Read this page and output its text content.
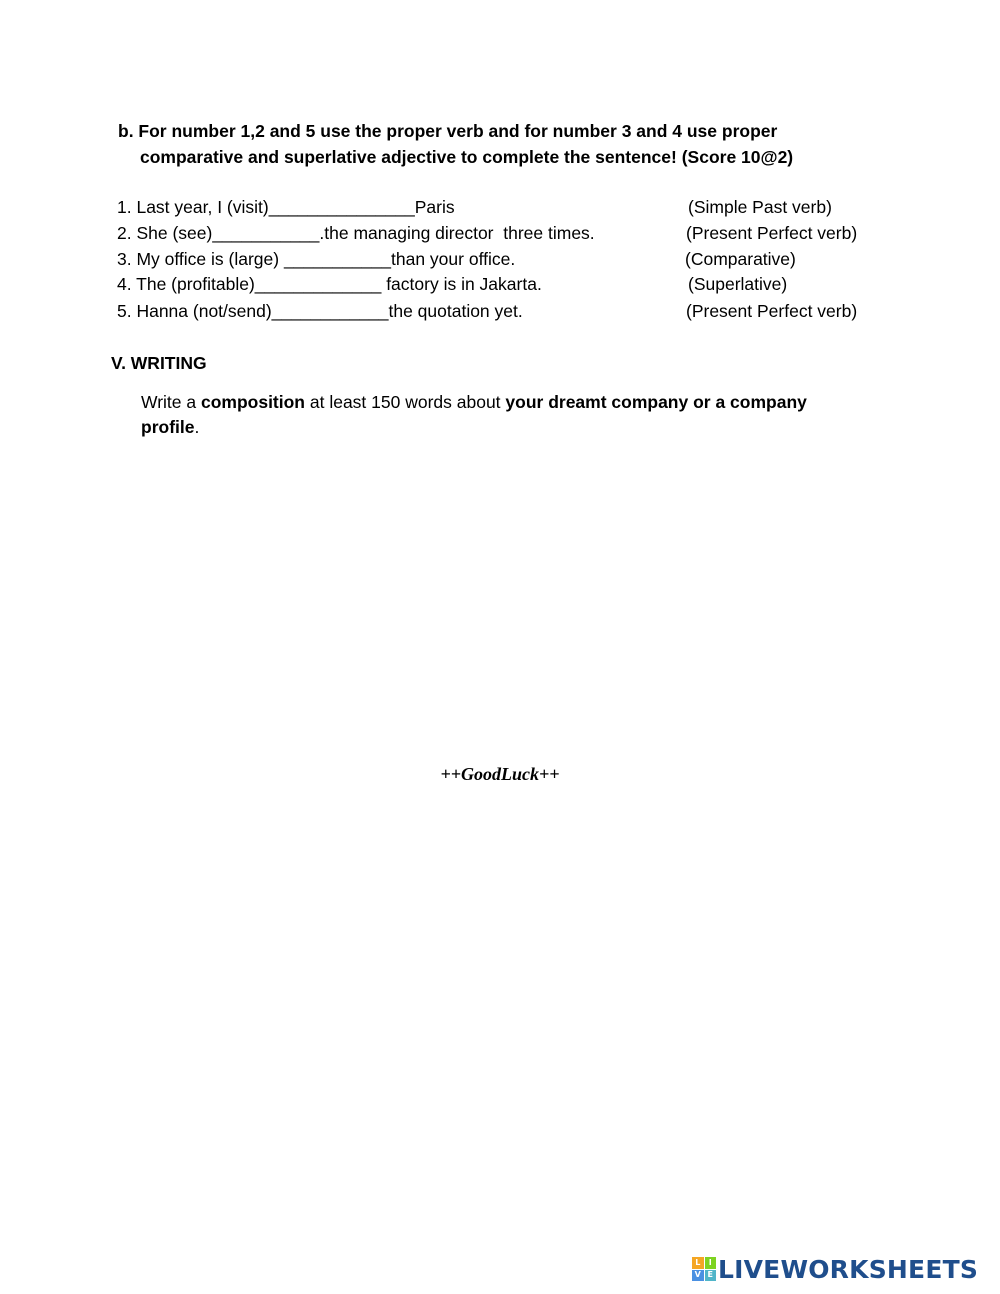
b. For number 1,2 and 5 use the proper verb and for number 3 and 4 use proper
comparative and superlative adjective to complete the sentence! (Score 10@2)

1. Last year, I (visit)_______________Paris	(Simple Past verb)
2. She (see)___________.the managing director  three times.	(Present Perfect verb)
3. My office is (large) ___________than your office.	(Comparative)
4. The (profitable)_____________ factory is in Jakarta.	(Superlative)
5. Hanna (not/send)____________the quotation yet.	(Present Perfect verb)
V. WRITING

Write a composition at least 150 words about your dreamt company or a company profile.

++GoodLuck++
L	I
V E LIVEWORKSHEETS
